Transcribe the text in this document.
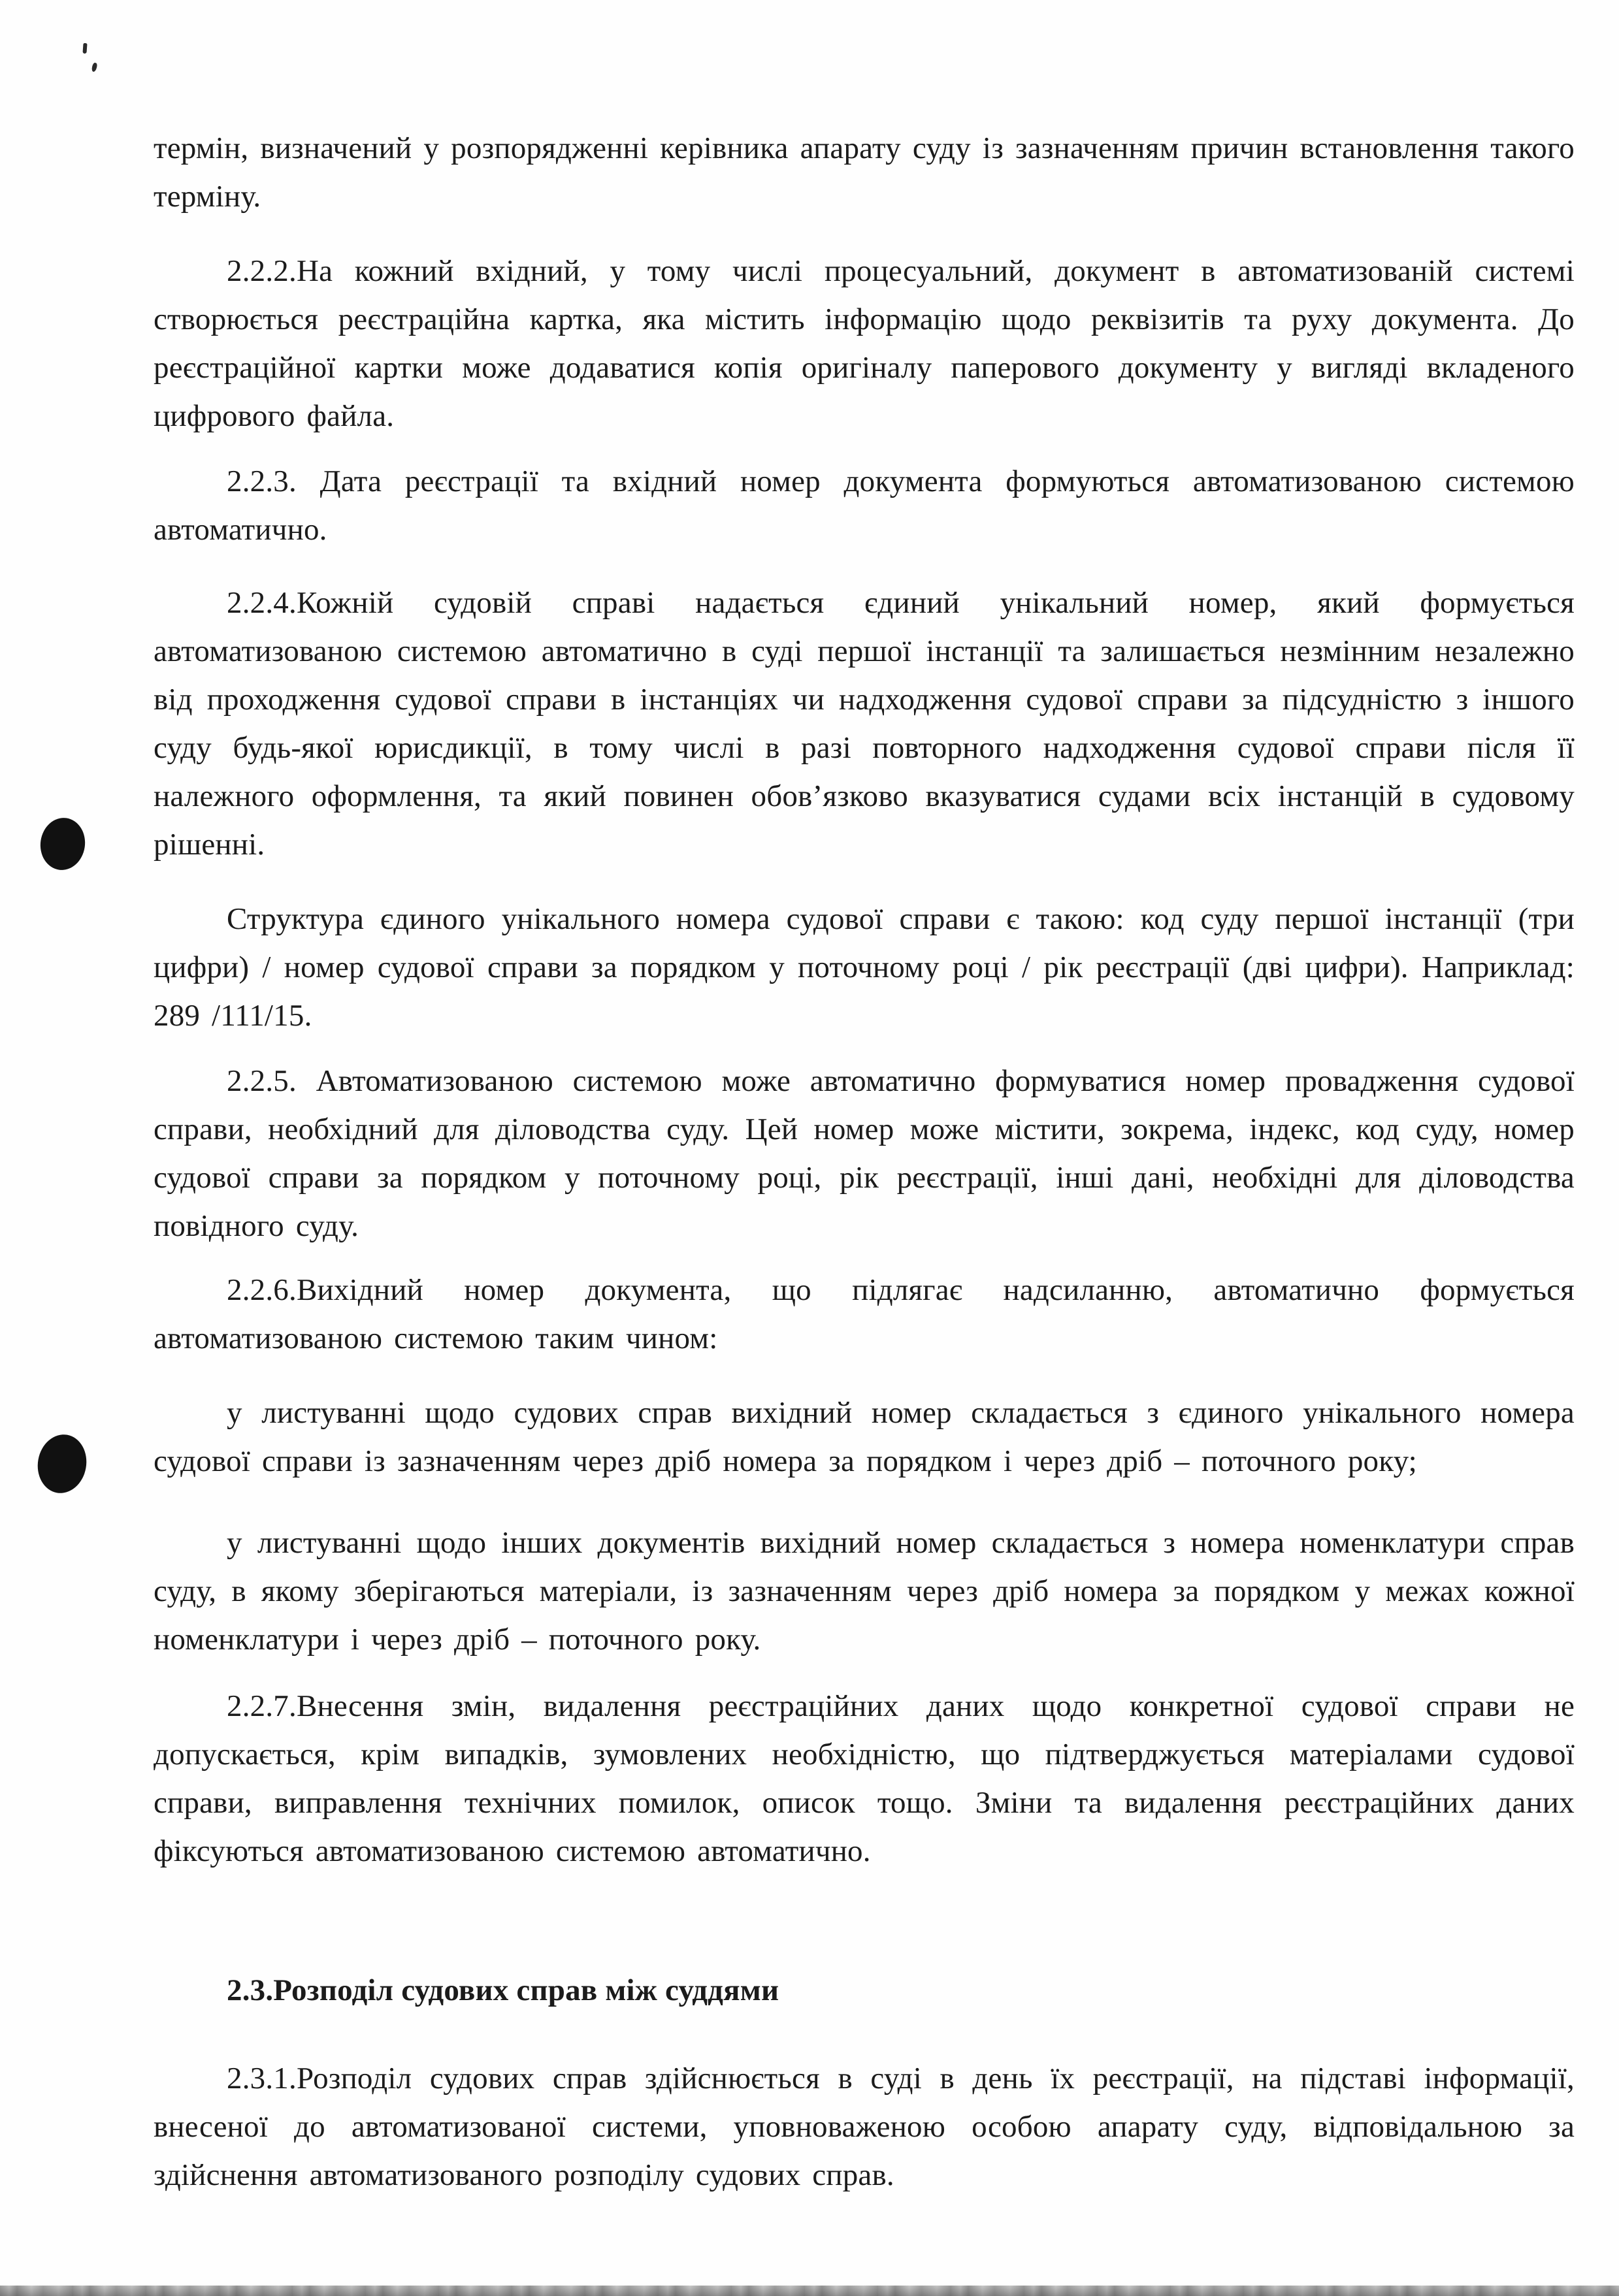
термін, визначений у розпорядженні керівника апарату суду із зазначенням причин встановлення такого терміну.

2.2.2.На кожний вхідний, у тому числі процесуальний, документ в автоматизованій системі створюється реєстраційна картка, яка містить інформацію щодо реквізитів та руху документа. До реєстраційної картки може додаватися копія оригіналу паперового документу у вигляді вкладеного цифрового файла.

2.2.3. Дата реєстрації та вхідний номер документа формуються автоматизованою системою автоматично.

2.2.4.Кожній судовій справі надається єдиний унікальний номер, який формується автоматизованою системою автоматично в суді першої інстанції та залишається незмінним незалежно від проходження судової справи в інстанціях чи надходження судової справи за підсудністю з іншого суду будь-якої юрисдикції, в тому числі в разі повторного надходження судової справи після її належного оформлення, та який повинен обов’язково вказуватися судами всіх інстанцій в судовому рішенні.

Структура єдиного унікального номера судової справи є такою: код суду першої інстанції (три цифри) / номер судової справи за порядком у поточному році / рік реєстрації (дві цифри). Наприклад: 289 /111/15.

2.2.5. Автоматизованою системою може автоматично формуватися номер провадження судової справи, необхідний для діловодства суду. Цей номер може містити, зокрема, індекс, код суду, номер судової справи за порядком у поточному році, рік реєстрації, інші дані, необхідні для діловодства повідного суду.

2.2.6.Вихідний номер документа, що підлягає надсиланню, автоматично формується автоматизованою системою таким чином:

у листуванні щодо судових справ вихідний номер складається з єдиного унікального номера судової справи із зазначенням через дріб номера за порядком і через дріб – поточного року;

у листуванні щодо інших документів вихідний номер складається з номера номенклатури справ суду, в якому зберігаються матеріали, із зазначенням через дріб номера за порядком у межах кожної номенклатури і через дріб – поточного року.

2.2.7.Внесення змін, видалення реєстраційних даних щодо конкретної судової справи не допускається, крім випадків, зумовлених необхідністю, що підтверджується матеріалами судової справи, виправлення технічних помилок, описок тощо. Зміни та видалення реєстраційних даних фіксуються автоматизованою системою автоматично.

2.3.Розподіл судових справ між суддями

2.3.1.Розподіл судових справ здійснюється в суді в день їх реєстрації, на підставі інформації, внесеної до автоматизованої системи, уповноваженою особою апарату суду, відповідальною за здійснення автоматизованого розподілу судових справ.
